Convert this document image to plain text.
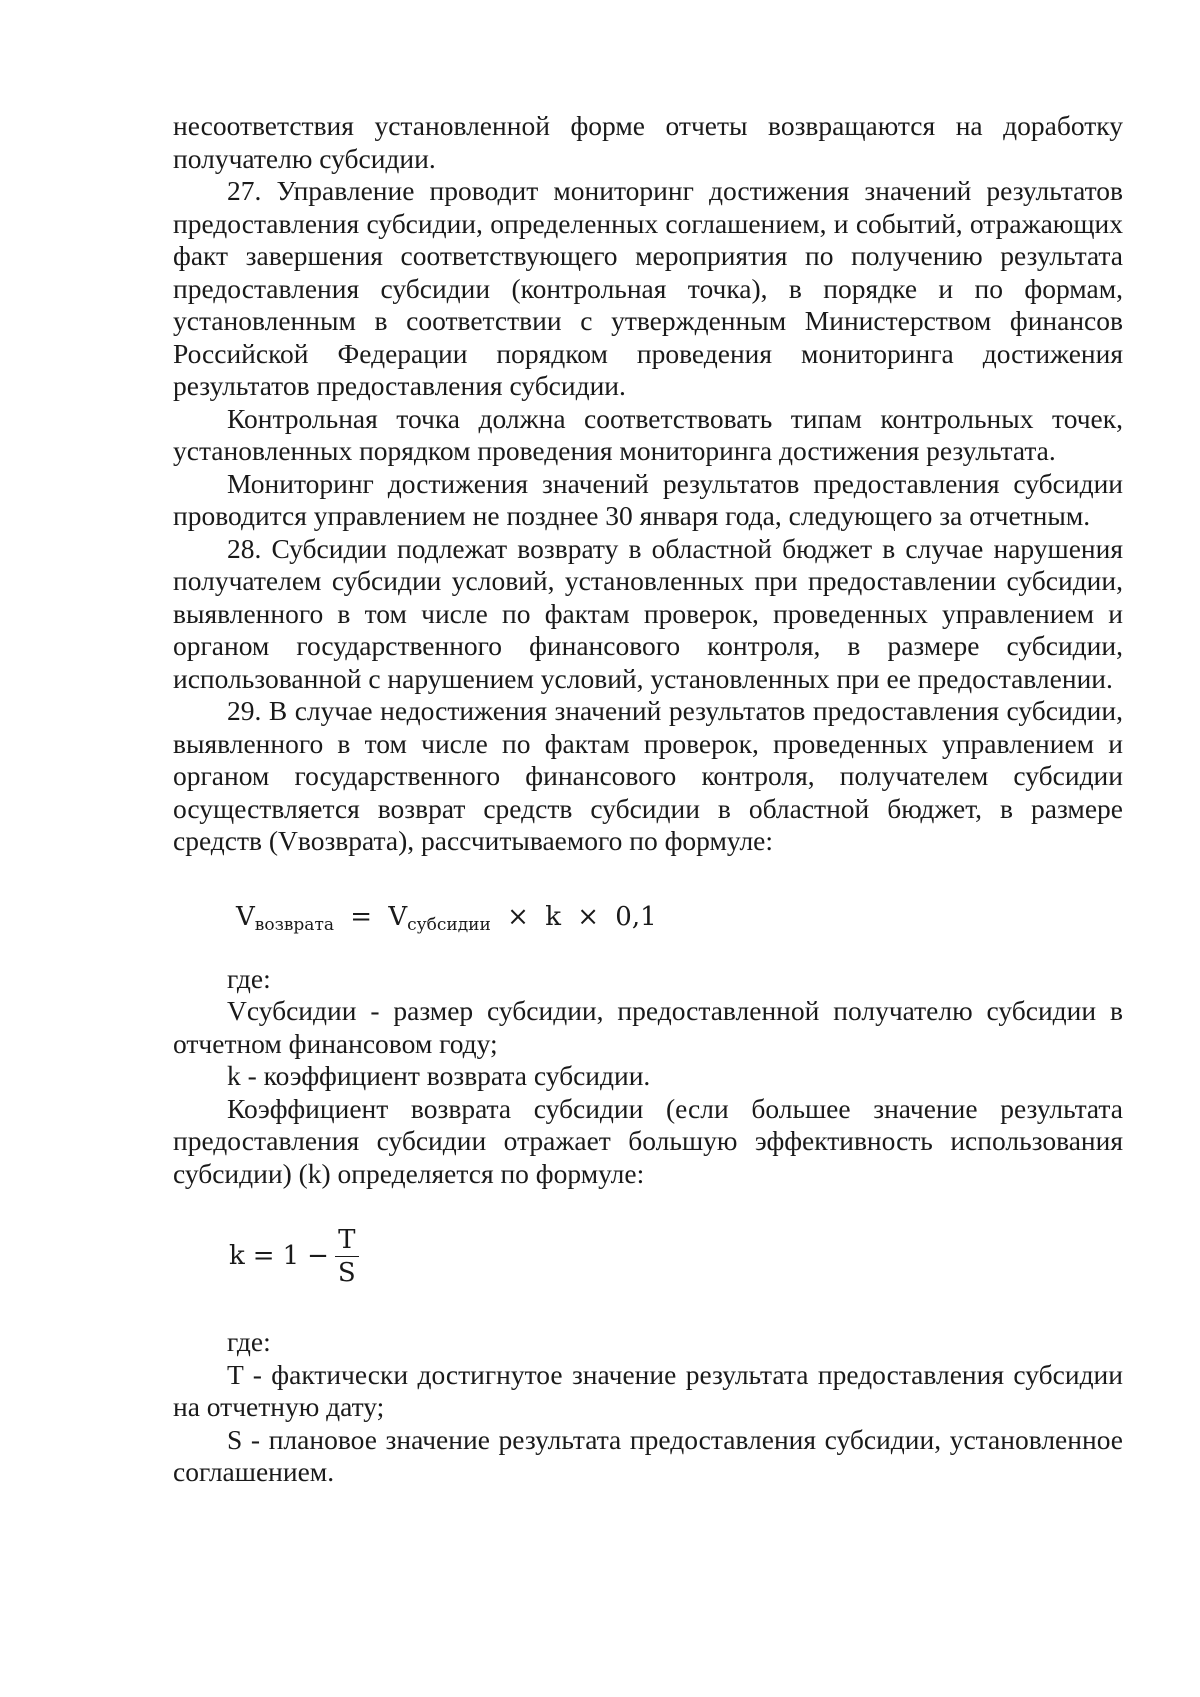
несоответствия установленной форме отчеты возвращаются на доработку получателю субсидии.

27. Управление проводит мониторинг достижения значений результатов предоставления субсидии, определенных соглашением, и событий, отражающих факт завершения соответствующего мероприятия по получению результата предоставления субсидии (контрольная точка), в порядке и по формам, установленным в соответствии с утвержденным Министерством финансов Российской Федерации порядком проведения мониторинга достижения результатов предоставления субсидии.

Контрольная точка должна соответствовать типам контрольных точек, установленных порядком проведения мониторинга достижения результата.

Мониторинг достижения значений результатов предоставления субсидии проводится управлением не позднее 30 января года, следующего за отчетным.

28. Субсидии подлежат возврату в областной бюджет в случае нарушения получателем субсидии условий, установленных при предоставлении субсидии, выявленного в том числе по фактам проверок, проведенных управлением и органом государственного финансового контроля, в размере субсидии, использованной с нарушением условий, установленных при ее предоставлении.

29. В случае недостижения значений результатов предоставления субсидии, выявленного в том числе по фактам проверок, проведенных управлением и органом государственного финансового контроля, получателем субсидии осуществляется возврат средств субсидии в областной бюджет, в размере средств (Vвозврата), рассчитываемого по формуле:

$V_{возврата} = V_{субсидии} \times k \times 0,1$

где:

Vсубсидии - размер субсидии, предоставленной получателю субсидии в отчетном финансовом году;

k - коэффициент возврата субсидии.

Коэффициент возврата субсидии (если большее значение результата предоставления субсидии отражает большую эффективность использования субсидии) (k) определяется по формуле:

$k = 1 - \frac{T}{S}$

где:

T - фактически достигнутое значение результата предоставления субсидии на отчетную дату;

S - плановое значение результата предоставления субсидии, установленное соглашением.
